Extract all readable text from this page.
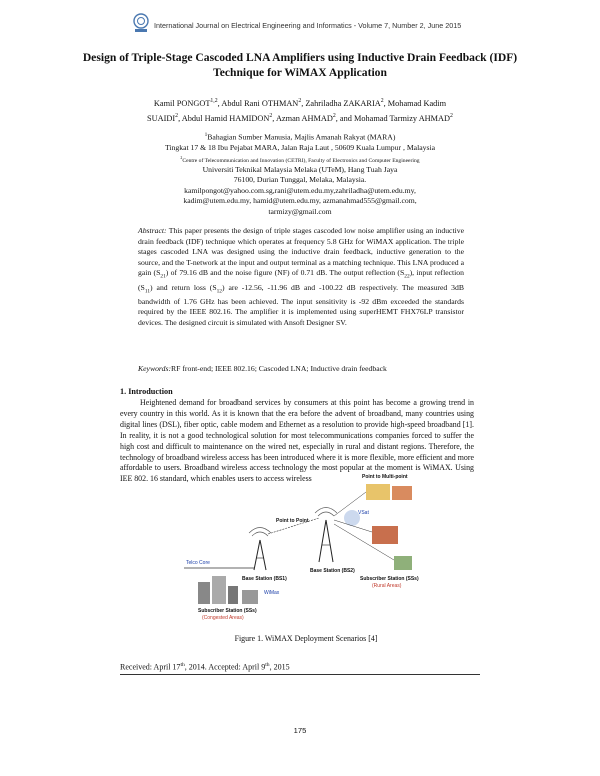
International Journal on Electrical Engineering and Informatics - Volume 7, Number 2, June 2015
Design of Triple-Stage Cascoded LNA Amplifiers using Inductive Drain Feedback (IDF) Technique for WiMAX Application
Kamil PONGOT$^{1,2}$, Abdul Rani OTHMAN$^2$, Zahriladha ZAKARIA$^2$, Mohamad Kadim
SUAIDI$^2$, Abdul Hamid HAMIDON$^2$, Azman AHMAD$^2$, and Mohamad Tarmizy AHMAD$^2$
$^1$Bahagian Sumber Manusia, Majlis Amanah Rakyat (MARA)
Tingkat 17 & 18 Ibu Pejabat MARA, Jalan Raja Laut , 50609 Kuala Lumpur , Malaysia
$^2$Centre of Telecommunication and Innovation (CETRI), Faculty of Electronics and Computer Engineering
Universiti Teknikal Malaysia Melaka (UTeM), Hang Tuah Jaya
76100, Durian Tunggal, Melaka, Malaysia.
kamilpongot@yahoo.com.sg,rani@utem.edu.my,zahriladha@utem.edu.my,
kadim@utem.edu.my, hamid@utem.edu.my, azmanahmad555@gmail.com,
tarmizy@gmail.com
Abstract: This paper presents the design of triple stages cascoded low noise amplifier using an inductive drain feedback (IDF) technique which operates at frequency 5.8 GHz for WiMAX application. The triple stages cascoded LNA was designed using the inductive drain feedback, inductive generation to the source, and the T-network at the input and output terminal as a matching technique. This LNA produced a gain $(S_{21})$ of 79.16 dB and the noise figure (NF) of 0.71 dB. The output reflection $(S_{22})$, input reflection $(S_{11})$ and return loss $(S_{12})$ are -12.56, -11.96 dB and -100.22 dB respectively. The measured 3dB bandwidth of 1.76 GHz has been achieved. The input sensitivity is -92 dBm exceeded the standards required by the IEEE 802.16. The amplifier it is implemented using superHEMT FHX76LP transistor devices. The designed circuit is simulated with Ansoft Designer SV.
Keywords:RF front-end; IEEE 802.16; Cascoded LNA; Inductive drain feedback
1. Introduction
Heightened demand for broadband services by consumers at this point has become a growing trend in every country in this world. As it is known that the era before the advent of broadband, many countries using digital lines (DSL), fiber optic, cable modem and Ethernet as a resolution to provide high-speed broadband [1]. In reality, it is not a good technological solution for most telecommunications companies forced to suffer the high cost and difficult to maintenance on the wired net, especially in rural and distant regions. Therefore, the technology of broadband wireless access has been introduced where it is more flexible, more efficient and more affordable to users. Broadband wireless access technology the most popular at the moment is WiMAX. Using IEE 802. 16 standard, which enables users to access wireless
Telco Core
Point to Point
Base Station (BS1)
Base Station (BS2)
WiMax
Subscriber Station (SSs)
(Congested Areas)
Point to Multi-point
VSat
Subscriber Station (SSs)
(Rural Areas)
Figure 1. WiMAX Deployment Scenarios [4]
Received: April 17th, 2014. Accepted: April 9th, 2015
175
